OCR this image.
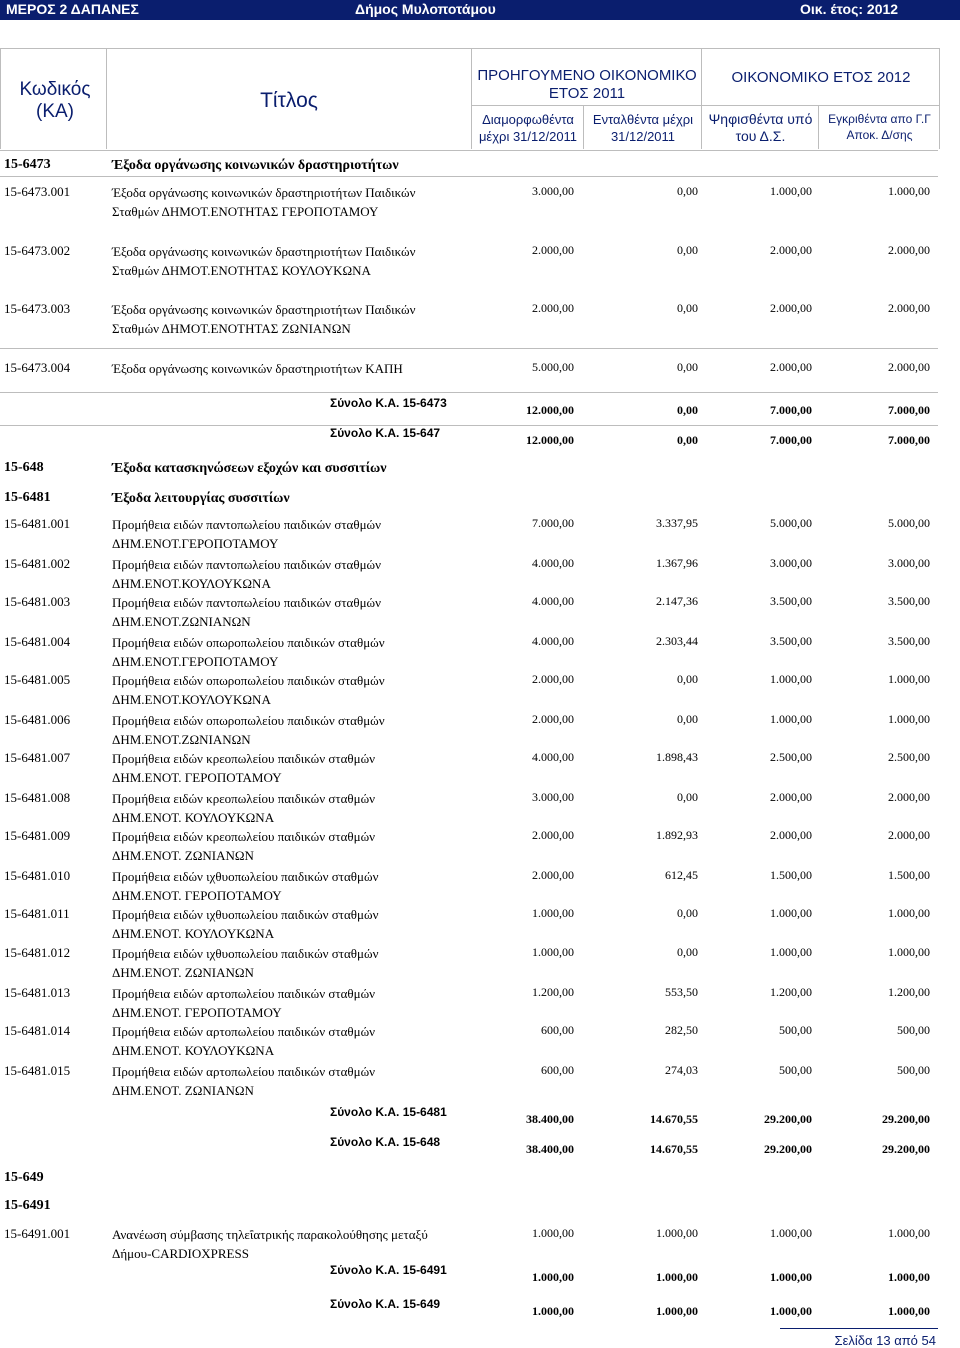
ΜΕΡΟΣ 2 ΔΑΠΑΝΕΣ	Δήμος Μυλοποτάμου	Οικ. έτος: 2012
Κωδικός (ΚΑ)	Τίτλος
ΠΡΟΗΓΟΥΜΕΝΟ ΟΙΚΟΝΟΜΙΚΟ ΕΤΟΣ 2011
ΟΙΚΟΝΟΜΙΚΟ ΕΤΟΣ 2012
Διαμορφωθέντα μέχρι 31/12/2011
Ενταλθέντα μέχρι 31/12/2011
Ψηφισθέντα υπό του Δ.Σ.
Εγκριθέντα απο Γ.Γ Αποκ. Δ/σης
15-6473	Έξοδα οργάνωσης κοινωνικών δραστηριοτήτων
15-6473.001	Έξοδα οργάνωσης κοινωνικών δραστηριοτήτων Παιδικών Σταθμών ΔΗΜΟΤ.ΕΝΟΤΗΤΑΣ ΓΕΡΟΠΟΤΑΜΟΥ
3.000,00	0,00	1.000,00	1.000,00
15-6473.002	Έξοδα οργάνωσης κοινωνικών δραστηριοτήτων Παιδικών Σταθμών ΔΗΜΟΤ.ΕΝΟΤΗΤΑΣ ΚΟΥΛΟΥΚΩΝΑ
2.000,00	0,00	2.000,00	2.000,00
15-6473.003	Έξοδα οργάνωσης κοινωνικών δραστηριοτήτων Παιδικών Σταθμών ΔΗΜΟΤ.ΕΝΟΤΗΤΑΣ ΖΩΝΙΑΝΩΝ
2.000,00	0,00	2.000,00	2.000,00
15-6473.004	Έξοδα οργάνωσης κοινωνικών δραστηριοτήτων ΚΑΠΗ	5.000,00	0,00	2.000,00	2.000,00
Σύνολο Κ.Α. 15-6473	12.000,00	0,00	7.000,00	7.000,00
Σύνολο Κ.Α. 15-647	12.000,00	0,00	7.000,00	7.000,00
15-648	Έξοδα κατασκηνώσεων εξοχών και συσσιτίων
15-6481	Έξοδα λειτουργίας συσσιτίων
15-6481.001	Προμήθεια ειδών παντοπωλείου παιδικών σταθμών ΔΗΜ.ΕΝΟΤ.ΓΕΡΟΠΟΤΑΜΟΥ
7.000,00	3.337,95	5.000,00	5.000,00
15-6481.002	Προμήθεια ειδών παντοπωλείου παιδικών σταθμών ΔΗΜ.ΕΝΟΤ.ΚΟΥΛΟΥΚΩΝΑ
4.000,00	1.367,96	3.000,00	3.000,00
15-6481.003	Προμήθεια ειδών παντοπωλείου παιδικών σταθμών ΔΗΜ.ΕΝΟΤ.ΖΩΝΙΑΝΩΝ
4.000,00	2.147,36	3.500,00	3.500,00
15-6481.004	Προμήθεια ειδών οπωροπωλείου παιδικών σταθμών ΔΗΜ.ΕΝΟΤ.ΓΕΡΟΠΟΤΑΜΟΥ
4.000,00	2.303,44	3.500,00	3.500,00
15-6481.005	Προμήθεια ειδών οπωροπωλείου παιδικών σταθμών ΔΗΜ.ΕΝΟΤ.ΚΟΥΛΟΥΚΩΝΑ
2.000,00	0,00	1.000,00	1.000,00
15-6481.006	Προμήθεια ειδών οπωροπωλείου παιδικών σταθμών ΔΗΜ.ΕΝΟΤ.ΖΩΝΙΑΝΩΝ
2.000,00	0,00	1.000,00	1.000,00
15-6481.007	Προμήθεια ειδών κρεοπωλείου παιδικών σταθμών ΔΗΜ.ΕΝΟΤ. ΓΕΡΟΠΟΤΑΜΟΥ
4.000,00	1.898,43	2.500,00	2.500,00
15-6481.008	Προμήθεια ειδών κρεοπωλείου παιδικών σταθμών ΔΗΜ.ΕΝΟΤ. ΚΟΥΛΟΥΚΩΝΑ
3.000,00	0,00	2.000,00	2.000,00
15-6481.009	Προμήθεια ειδών κρεοπωλείου παιδικών σταθμών ΔΗΜ.ΕΝΟΤ. ΖΩΝΙΑΝΩΝ
2.000,00	1.892,93	2.000,00	2.000,00
15-6481.010	Προμήθεια ειδών ιχθυοπωλείου παιδικών σταθμών ΔΗΜ.ΕΝΟΤ. ΓΕΡΟΠΟΤΑΜΟΥ
2.000,00	612,45	1.500,00	1.500,00
15-6481.011	Προμήθεια ειδών ιχθυοπωλείου παιδικών σταθμών ΔΗΜ.ΕΝΟΤ. ΚΟΥΛΟΥΚΩΝΑ
1.000,00	0,00	1.000,00	1.000,00
15-6481.012	Προμήθεια ειδών ιχθυοπωλείου παιδικών σταθμών ΔΗΜ.ΕΝΟΤ. ΖΩΝΙΑΝΩΝ
1.000,00	0,00	1.000,00	1.000,00
15-6481.013	Προμήθεια ειδών αρτοπωλείου παιδικών σταθμών ΔΗΜ.ΕΝΟΤ. ΓΕΡΟΠΟΤΑΜΟΥ
1.200,00	553,50	1.200,00	1.200,00
15-6481.014	Προμήθεια ειδών αρτοπωλείου παιδικών σταθμών ΔΗΜ.ΕΝΟΤ. ΚΟΥΛΟΥΚΩΝΑ
600,00	282,50	500,00	500,00
15-6481.015	Προμήθεια ειδών αρτοπωλείου παιδικών σταθμών ΔΗΜ.ΕΝΟΤ. ΖΩΝΙΑΝΩΝ
600,00	274,03	500,00	500,00
Σύνολο Κ.Α. 15-6481	38.400,00	14.670,55	29.200,00	29.200,00
Σύνολο Κ.Α. 15-648	38.400,00	14.670,55	29.200,00	29.200,00
15-649
15-6491
15-6491.001	Ανανέωση σύμβασης τηλεΐατρικής παρακολούθησης μεταξύ Δήμου-CARDIOXPRESS
1.000,00	1.000,00	1.000,00	1.000,00
Σύνολο Κ.Α. 15-6491	1.000,00	1.000,00	1.000,00	1.000,00
Σύνολο Κ.Α. 15-649	1.000,00	1.000,00	1.000,00	1.000,00
Σελίδα 13 από 54
